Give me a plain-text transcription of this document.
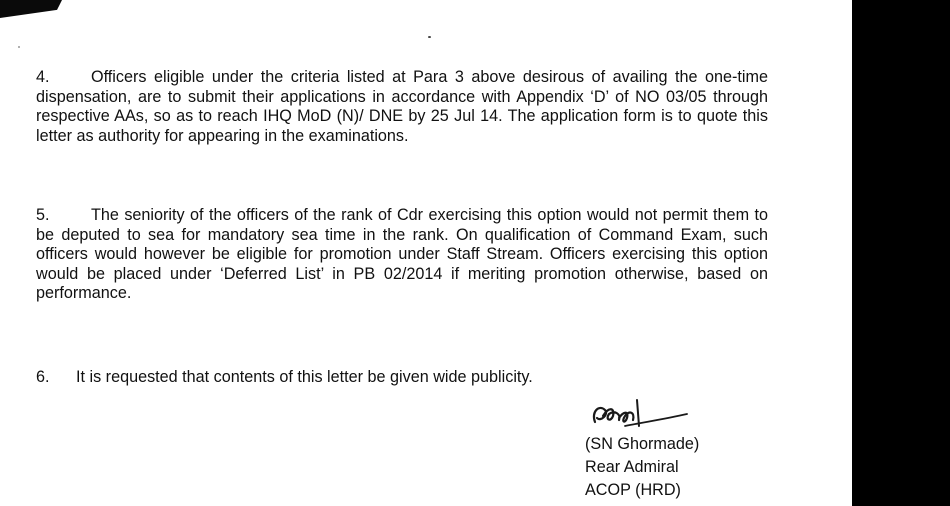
4.	Officers eligible under the criteria listed at Para 3 above desirous of availing the one-time dispensation, are to submit their applications in accordance with Appendix ‘D’ of NO 03/05 through respective AAs, so as to reach IHQ MoD (N)/ DNE by 25 Jul 14. The application form is to quote this letter as authority for appearing in the examinations.

5.	The seniority of the officers of the rank of Cdr exercising this option would not permit them to be deputed to sea for mandatory sea time in the rank. On qualification of Command Exam, such officers would however be eligible for promotion under Staff Stream. Officers exercising this option would be placed under ‘Deferred List’ in PB 02/2014 if meriting promotion otherwise, based on performance.

6. It is requested that contents of this letter be given wide publicity.

(SN Ghormade)
Rear Admiral
ACOP (HRD)
